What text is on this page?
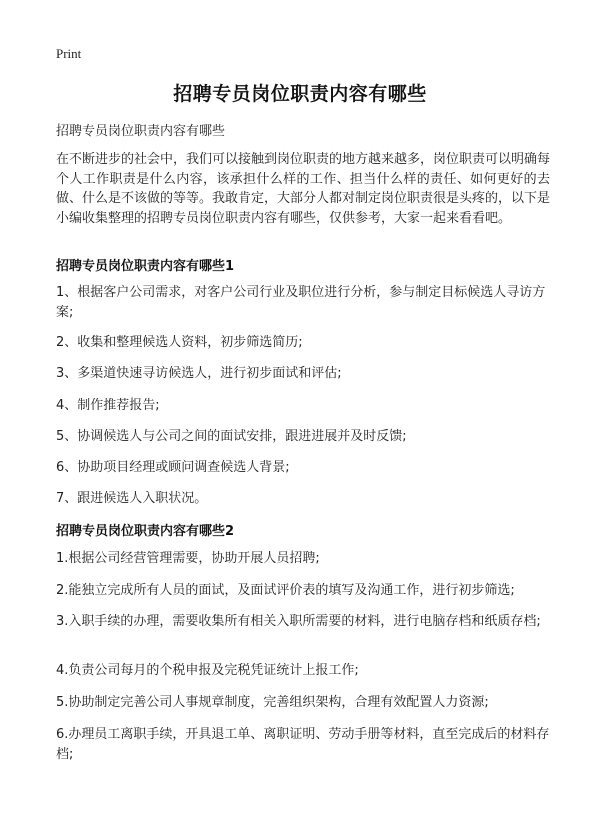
Print
招聘专员岗位职责内容有哪些
招聘专员岗位职责内容有哪些
在不断进步的社会中，我们可以接触到岗位职责的地方越来越多，岗位职责可以明确每个人工作职责是什么内容，该承担什么样的工作、担当什么样的责任、如何更好的去做、什么是不该做的等等。我敢肯定，大部分人都对制定岗位职责很是头疼的，以下是小编收集整理的招聘专员岗位职责内容有哪些，仅供参考，大家一起来看看吧。
招聘专员岗位职责内容有哪些1
1、根据客户公司需求，对客户公司行业及职位进行分析，参与制定目标候选人寻访方案;
2、收集和整理候选人资料，初步筛选简历;
3、多渠道快速寻访候选人，进行初步面试和评估;
4、制作推荐报告;
5、协调候选人与公司之间的面试安排，跟进进展并及时反馈;
6、协助项目经理或顾问调查候选人背景;
7、跟进候选人入职状况。
招聘专员岗位职责内容有哪些2
1.根据公司经营管理需要，协助开展人员招聘;
2.能独立完成所有人员的面试，及面试评价表的填写及沟通工作，进行初步筛选;
3.入职手续的办理，需要收集所有相关入职所需要的材料，进行电脑存档和纸质存档;
4.负责公司每月的个税申报及完税凭证统计上报工作;
5.协助制定完善公司人事规章制度，完善组织架构，合理有效配置人力资源;
6.办理员工离职手续，开具退工单、离职证明、劳动手册等材料，直至完成后的材料存档;
